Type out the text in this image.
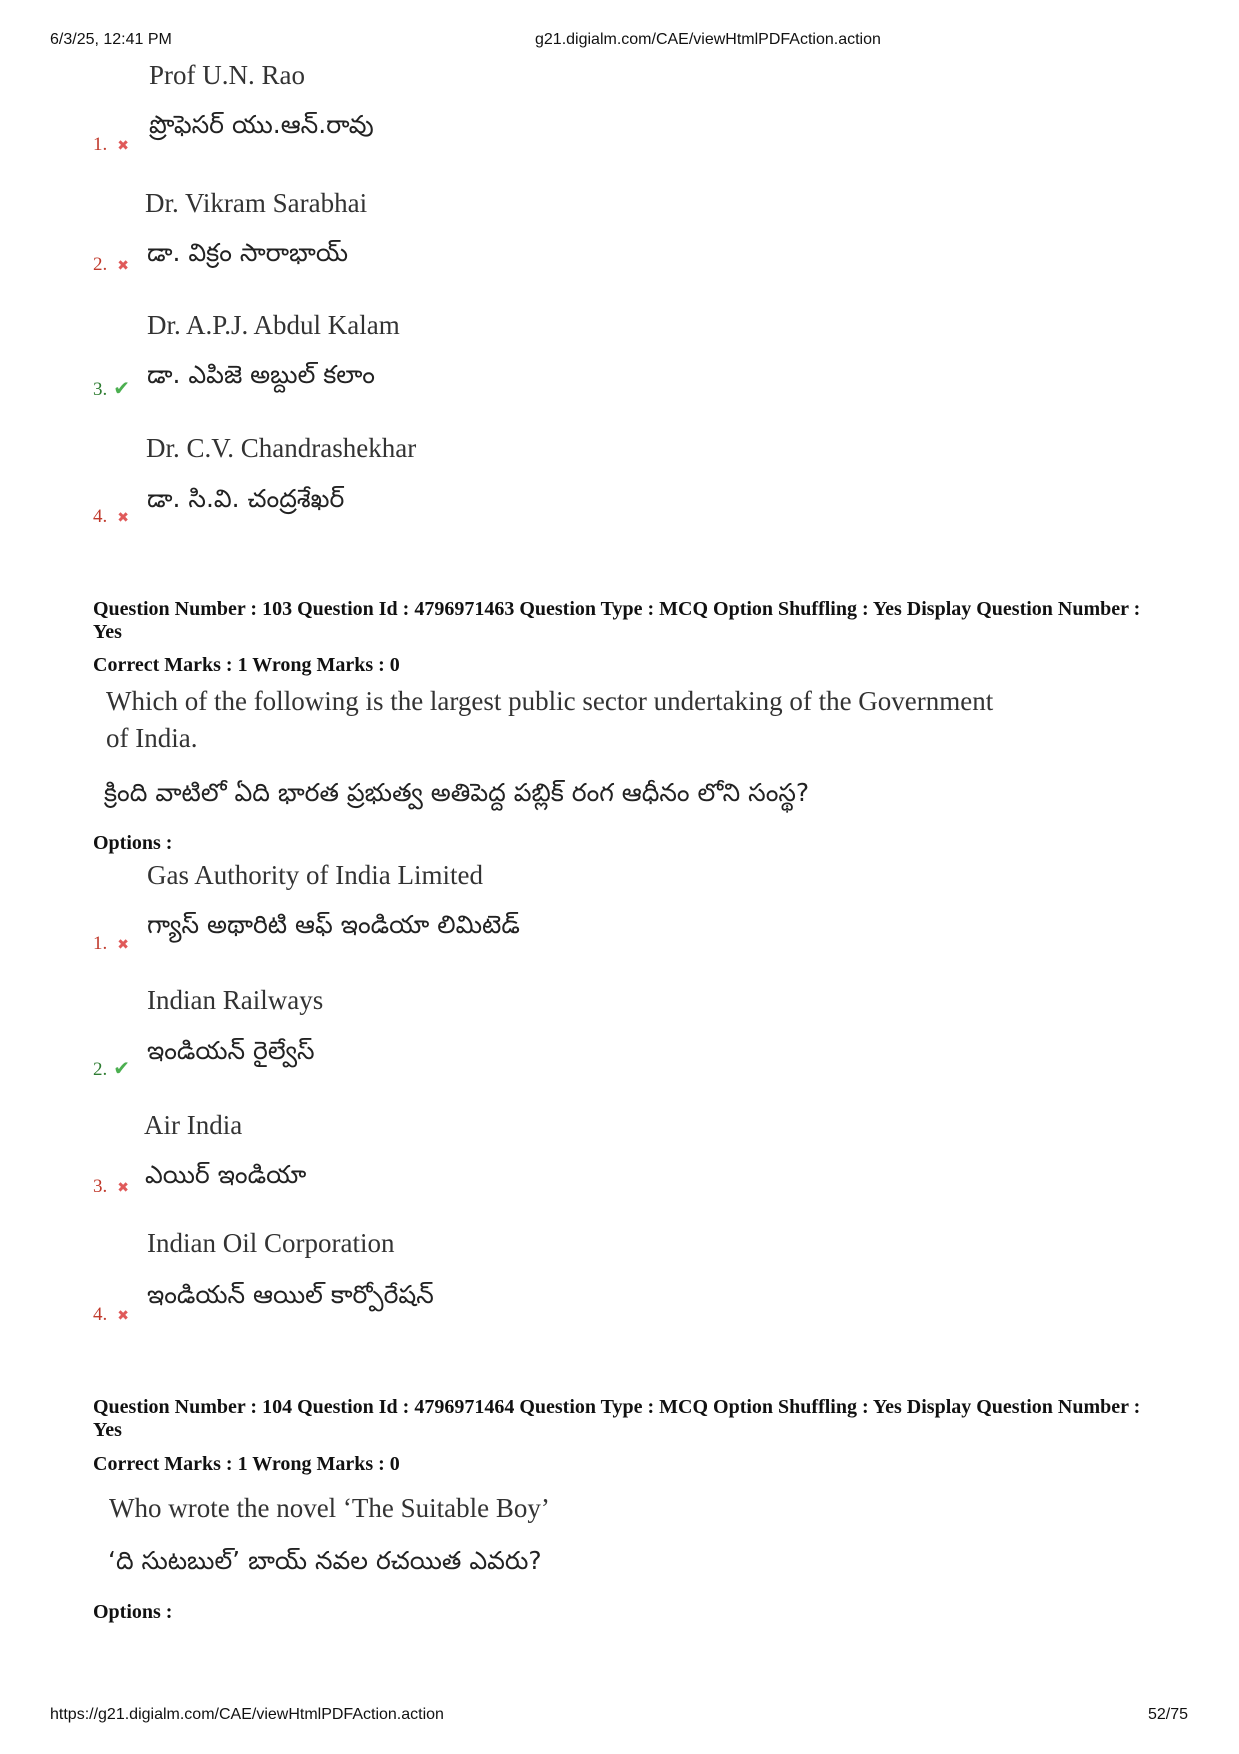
6/3/25, 12:41 PM	g21.digialm.com/CAE/viewHtmlPDFAction.action
Prof U.N. Rao
ప్రొఫెసర్ యు.ఆన్.రావు
1. ✖
Dr. Vikram Sarabhai
డా. విక్రం సారాభాయ్
2. ✖
Dr. A.P.J. Abdul Kalam
డా. ఎపిజె అబ్దుల్ కలాం
3. ✔
Dr. C.V. Chandrashekhar
డా. సి.వి. చంద్రశేఖర్
4. ✖
Question Number : 103 Question Id : 4796971463 Question Type : MCQ Option Shuffling : Yes Display Question Number : Yes
Correct Marks : 1 Wrong Marks : 0
Which of the following is the largest public sector undertaking of the Government of India.
క్రింది వాటిలో ఏది భారత ప్రభుత్వ అతిపెద్ద పబ్లిక్ రంగ ఆధీనం లోని సంస్థ?
Options :
Gas Authority of India Limited
గ్యాస్ అథారిటి ఆఫ్ ఇండియా లిమిటెడ్
1. ✖
Indian Railways
ఇండియన్ రైల్వేస్
2. ✔
Air India
ఎయిర్ ఇండియా
3. ✖
Indian Oil Corporation
ఇండియన్ ఆయిల్ కార్పోరేషన్
4. ✖
Question Number : 104 Question Id : 4796971464 Question Type : MCQ Option Shuffling : Yes Display Question Number : Yes
Correct Marks : 1 Wrong Marks : 0
Who wrote the novel ‘The Suitable Boy’
‘ది సుటబుల్’ బాయ్ నవల రచయిత ఎవరు?
Options :
https://g21.digialm.com/CAE/viewHtmlPDFAction.action	52/75
